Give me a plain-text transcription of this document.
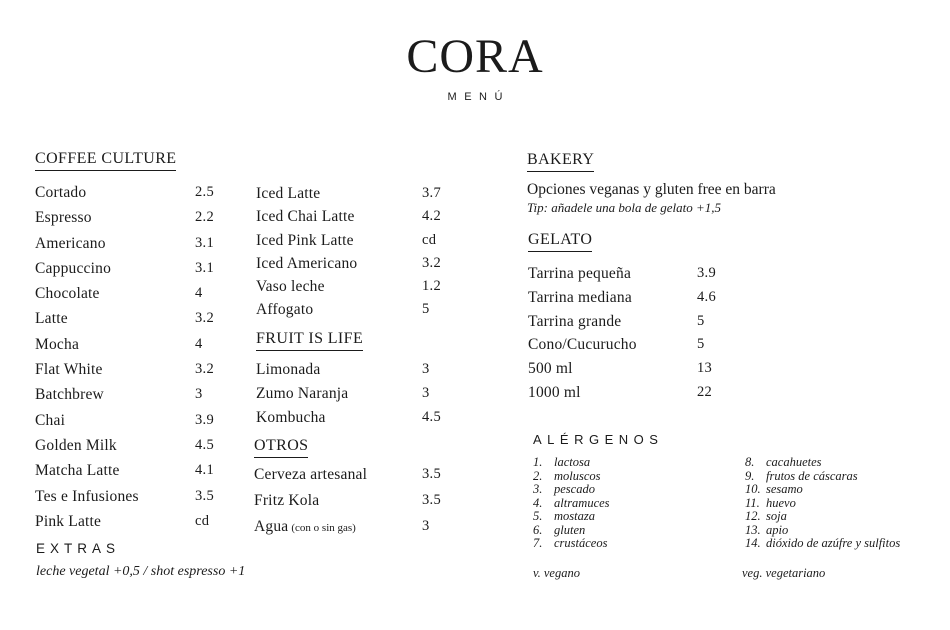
CORA
MENÚ
COFFEE CULTURE
Cortado	2.5
Espresso	2.2
Americano	3.1
Cappuccino	3.1
Chocolate	4
Latte	3.2
Mocha	4
Flat White	3.2
Batchbrew	3
Chai	3.9
Golden Milk	4.5
Matcha Latte	4.1
Tes e Infusiones	3.5
Pink Latte	cd
Iced Latte	3.7
Iced Chai Latte	4.2
Iced Pink Latte	cd
Iced Americano	3.2
Vaso leche	1.2
Affogato	5
FRUIT IS LIFE
Limonada	3
Zumo Naranja	3
Kombucha	4.5
OTROS
Cerveza artesanal	3.5
Fritz Kola	3.5
Agua (con o sin gas)	3
EXTRAS
leche vegetal +0,5 / shot espresso +1
BAKERY

Opciones veganas y gluten free en barra

Tip: añadele una bola de gelato +1,5

GELATO
Tarrina pequeña	3.9
Tarrina mediana	4.6
Tarrina grande	5
Cono/Cucurucho	5
500 ml	13
1000 ml	22
ALÉRGENOS
1. lactosa
2. moluscos
3. pescado
4. altramuces
5. mostaza
6. gluten
7. crustáceos
8. cacahuetes
9. frutos de cáscaras
10. sesamo
11. huevo
12. soja
13. apio
14. dióxido de azúfre y sulfitos
v. vegano	veg. vegetariano
